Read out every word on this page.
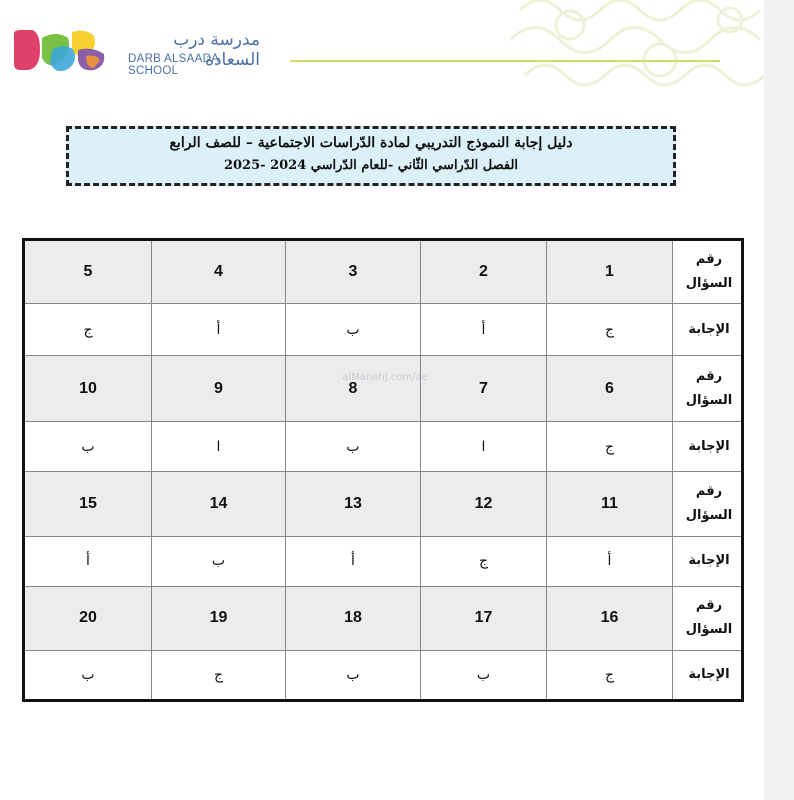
مدرسة درب السعادة
DARB ALSAADA SCHOOL
دليل إجابة النموذج التدريبي لمادة الدّراسات الاجتماعية – للصف الرابع
الفصل الدّراسي الثّاني -للعام الدّراسي 2024 -2025
رقم السؤال	1	2	3	4	5
الإجابة	ج	أ	ب	أ	ج
رقم السؤال	6	7	8	9	10
الإجابة	ج	ا	ب	ا	ب
رقم السؤال	11	12	13	14	15
الإجابة	أ	ج	أ	ب	أ
رقم السؤال	16	17	18	19	20
الإجابة	ج	ب	ب	ج	ب
alManahj.com/ae
